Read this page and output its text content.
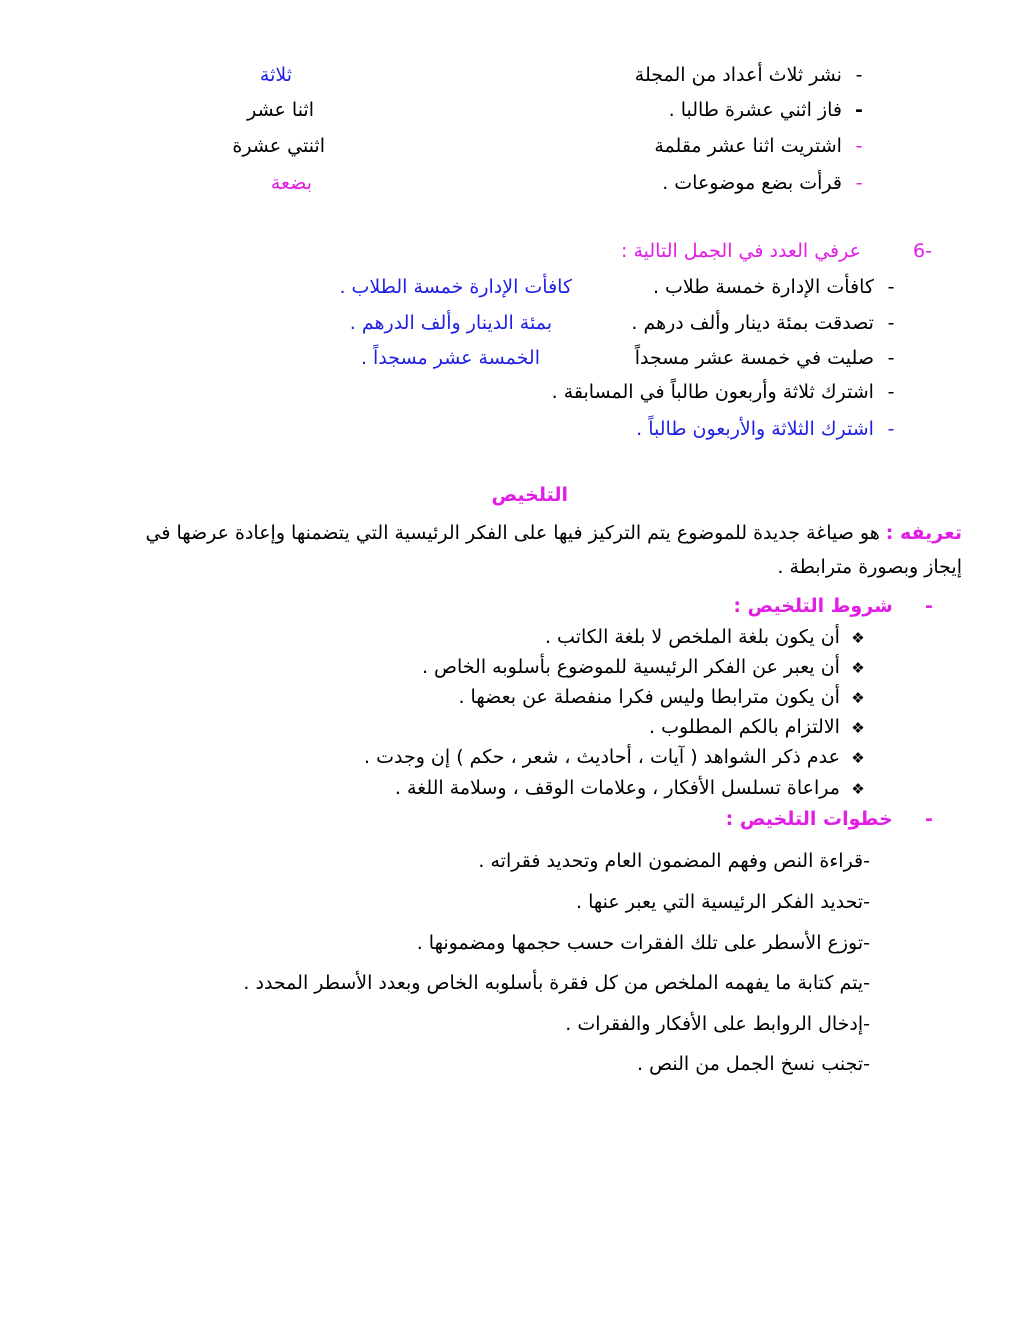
- نشر ثلاث أعداد من المجلة
ثلاثة
- فاز اثني عشرة طالبا .
اثنا عشر
- اشتريت اثنا عشر مقلمة
اثنتي عشرة
- قرأت بضع موضوعات .
بضعة
6-  عرفي العدد في الجمل التالية :
- كافأت الإدارة خمسة طلاب .
كافأت الإدارة خمسة الطلاب .
- تصدقت بمئة دينار وألف درهم .
بمئة الدينار وألف الدرهم .
- صليت في خمسة عشر مسجداً
الخمسة عشر مسجداً .
- اشترك ثلاثة وأربعون طالباً في المسابقة .
- اشترك الثلاثة والأربعون طالباً .
التلخيص
تعريفه : هو صياغة جديدة للموضوع يتم التركيز فيها على الفكر الرئيسية التي يتضمنها وإعادة عرضها في
إيجاز وبصورة مترابطة .
-  شروط التلخيص :
❖ أن يكون بلغة الملخص لا بلغة الكاتب .
❖ أن يعبر عن الفكر الرئيسية للموضوع بأسلوبه الخاص .
❖ أن يكون مترابطا وليس فكرا منفصلة عن بعضها .
❖ الالتزام بالكم المطلوب .
❖ عدم ذكر الشواهد ( آيات ، أحاديث ، شعر ، حكم ) إن وجدت .
❖ مراعاة تسلسل الأفكار ، وعلامات الوقف ، وسلامة اللغة .
-  خطوات التلخيص :
-قراءة النص وفهم المضمون العام وتحديد فقراته .
-تحديد الفكر الرئيسية التي يعبر عنها .
-توزع الأسطر على تلك الفقرات حسب حجمها ومضمونها .
-يتم كتابة ما يفهمه الملخص من كل فقرة بأسلوبه الخاص وبعدد الأسطر المحدد .
-إدخال الروابط على الأفكار والفقرات .
-تجنب نسخ الجمل من النص .
